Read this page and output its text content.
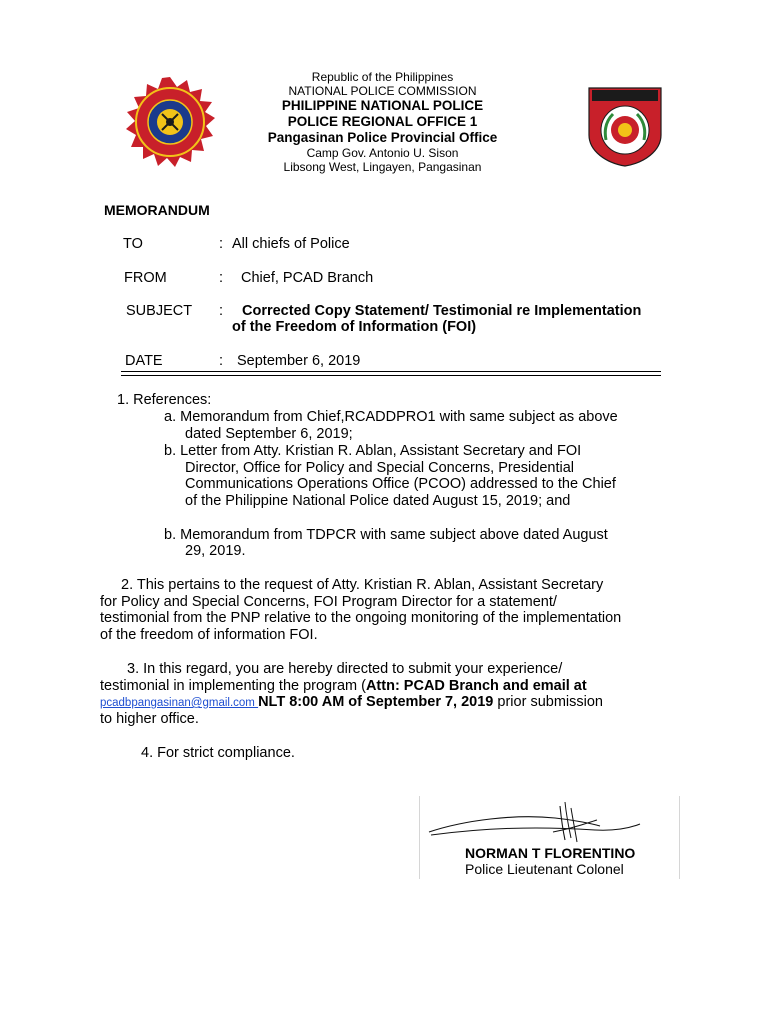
Republic of the Philippines
NATIONAL POLICE COMMISSION
PHILIPPINE NATIONAL POLICE
POLICE REGIONAL OFFICE 1
Pangasinan Police Provincial Office
Camp Gov. Antonio U. Sison
Libsong West, Lingayen, Pangasinan
MEMORANDUM
TO	: All chiefs of Police
FROM	: Chief, PCAD Branch
SUBJECT : Corrected Copy Statement/ Testimonial re Implementation
of the Freedom of Information (FOI)
DATE	: September 6, 2019
1. References:
a. Memorandum from Chief,RCADDPRO1 with same subject as above
dated September 6, 2019;
b. Letter from Atty. Kristian R. Ablan, Assistant Secretary and FOI
Director, Office for Policy and Special Concerns, Presidential
Communications Operations Office (PCOO) addressed to the Chief
of the Philippine National Police dated August 15, 2019; and
b. Memorandum from TDPCR with same subject above dated August
29, 2019.
2. This pertains to the request of Atty. Kristian R. Ablan, Assistant Secretary
for Policy and Special Concerns, FOI Program Director for a statement/
testimonial from the PNP relative to the ongoing monitoring of the implementation
of the freedom of information FOI.
3. In this regard, you are hereby directed to submit your experience/
testimonial in implementing the program (Attn: PCAD Branch and email at
pcadbpangasinan@gmail.com NLT 8:00 AM of September 7, 2019 prior submission
to higher office.
4. For strict compliance.
NORMAN T FLORENTINO
Police Lieutenant Colonel
